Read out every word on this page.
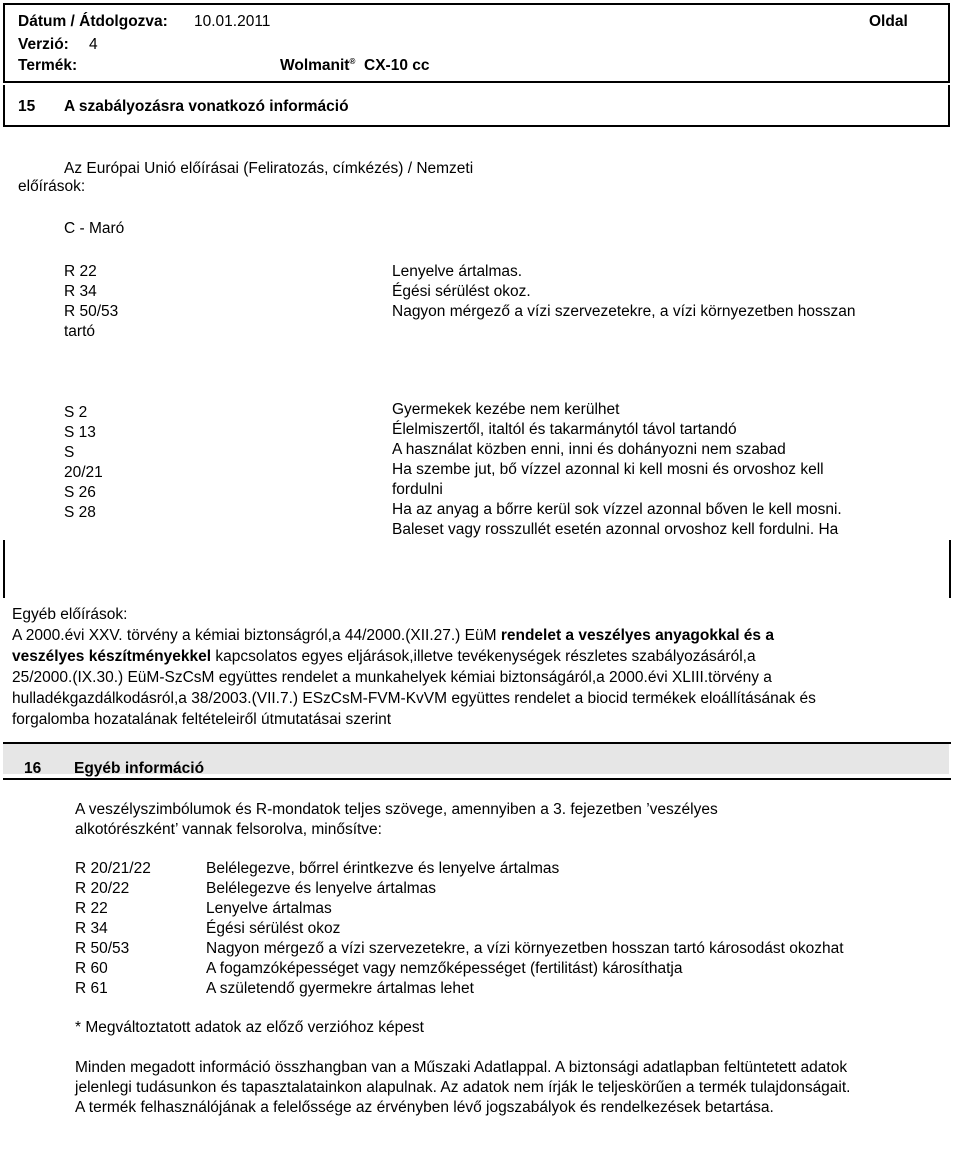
Dátum / Átdolgozva: 10.01.2011	Oldal
Verzió: 4
Termék:	Wolmanit® CX-10 cc
15 A szabályozásra vonatkozó információ
Az Európai Unió előírásai (Feliratozás, címkézés) / Nemzeti
előírások:
C - Maró
R 22
R 34
R 50/53
tartó
Lenyelve ártalmas.
Égési sérülést okoz.
Nagyon mérgező a vízi szervezetekre, a vízi környezetben hosszan
S 2
S 13
S
20/21
S 26
S 28
Gyermekek kezébe nem kerülhet
Élelmiszertől, italtól és takarmánytól távol tartandó
A használat közben enni, inni és dohányozni nem szabad
Ha szembe jut, bő vízzel azonnal ki kell mosni és orvoshoz kell
fordulni
Ha az anyag a bőrre kerül sok vízzel azonnal bőven le kell mosni.
Baleset vagy rosszullét esetén azonnal orvoshoz kell fordulni. Ha
Egyéb előírások:
A 2000.évi XXV. törvény a kémiai biztonságról,a 44/2000.(XII.27.) EüM rendelet a veszélyes anyagokkal és a
veszélyes készítményekkel kapcsolatos egyes eljárások,illetve tevékenységek részletes szabályozásáról,a
25/2000.(IX.30.) EüM-SzCsM együttes rendelet a munkahelyek kémiai biztonságáról,a 2000.évi XLIII.törvény a
hulladékgazdálkodásról,a 38/2003.(VII.7.) ESzCsM-FVM-KvVM együttes rendelet a biocid termékek eloállításának és
forgalomba hozatalának feltételeiről útmutatásai szerint
16 Egyéb információ
A veszélyszimbólumok és R-mondatok teljes szövege, amennyiben a 3. fejezetben ’veszélyes
alkotórészként’ vannak felsorolva, minősítve:
R 20/21/22
R 20/22
R 22
R 34
R 50/53
R 60
R 61
Belélegezve, bőrrel érintkezve és lenyelve ártalmas
Belélegezve és lenyelve ártalmas
Lenyelve ártalmas
Égési sérülést okoz
Nagyon mérgező a vízi szervezetekre, a vízi környezetben hosszan tartó károsodást okozhat
A fogamzóképességet vagy nemzőképességet (fertilitást) károsíthatja
A születendő gyermekre ártalmas lehet
* Megváltoztatott adatok az előző verzióhoz képest
Minden megadott információ összhangban van a Műszaki Adatlappal. A biztonsági adatlapban feltüntetett adatok
jelenlegi tudásunkon és tapasztalatainkon alapulnak. Az adatok nem írják le teljeskörűen a termék tulajdonságait.
A termék felhasználójának a felelőssége az érvényben lévő jogszabályok és rendelkezések betartása.
